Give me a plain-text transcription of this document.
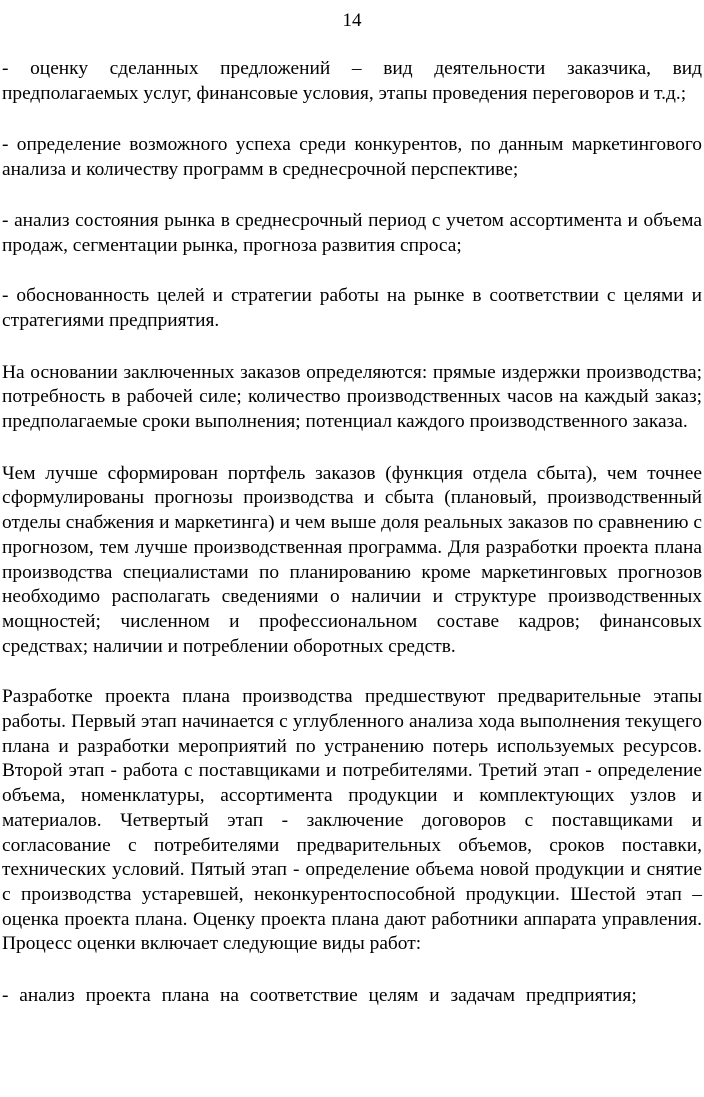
14

- оценку сделанных предложений – вид деятельности заказчика, вид предполагаемых услуг, финансовые условия, этапы проведения переговоров и т.д.;

- определение возможного успеха среди конкурентов, по данным маркетингового анализа и количеству программ в среднесрочной перспективе;

- анализ состояния рынка в среднесрочный период с учетом ассортимента и объема продаж, сегментации рынка, прогноза развития спроса;

- обоснованность целей и стратегии работы на рынке в соответствии с целями и стратегиями предприятия.

На основании заключенных заказов определяются: прямые издержки производства; потребность в рабочей силе; количество производственных часов на каждый заказ; предполагаемые сроки выполнения; потенциал каждого производственного заказа.

Чем лучше сформирован портфель заказов (функция отдела сбыта), чем точнее сформулированы прогнозы производства и сбыта (плановый, производственный отделы снабжения и маркетинга) и чем выше доля реальных заказов по сравнению с прогнозом, тем лучше производственная программа. Для разработки проекта плана производства специалистами по планированию кроме маркетинговых прогнозов необходимо располагать сведениями о наличии и структуре производственных мощностей; численном и профессиональном составе кадров; финансовых средствах; наличии и потреблении оборотных средств.

Разработке проекта плана производства предшествуют предварительные этапы работы. Первый этап начинается с углубленного анализа хода выполнения текущего плана и разработки мероприятий по устранению потерь используемых ресурсов. Второй этап - работа с поставщиками и потребителями. Третий этап - определение объема, номенклатуры, ассортимента продукции и комплектующих узлов и материалов. Четвертый этап - заключение договоров с поставщиками и согласование с потребителями предварительных объемов, сроков поставки, технических условий. Пятый этап - определение объема новой продукции и снятие с производства устаревшей, неконкурентоспособной продукции. Шестой этап – оценка проекта плана. Оценку проекта плана дают работники аппарата управления. Процесс оценки включает следующие виды работ:

- анализ проекта плана на соответствие целям и задачам предприятия;
